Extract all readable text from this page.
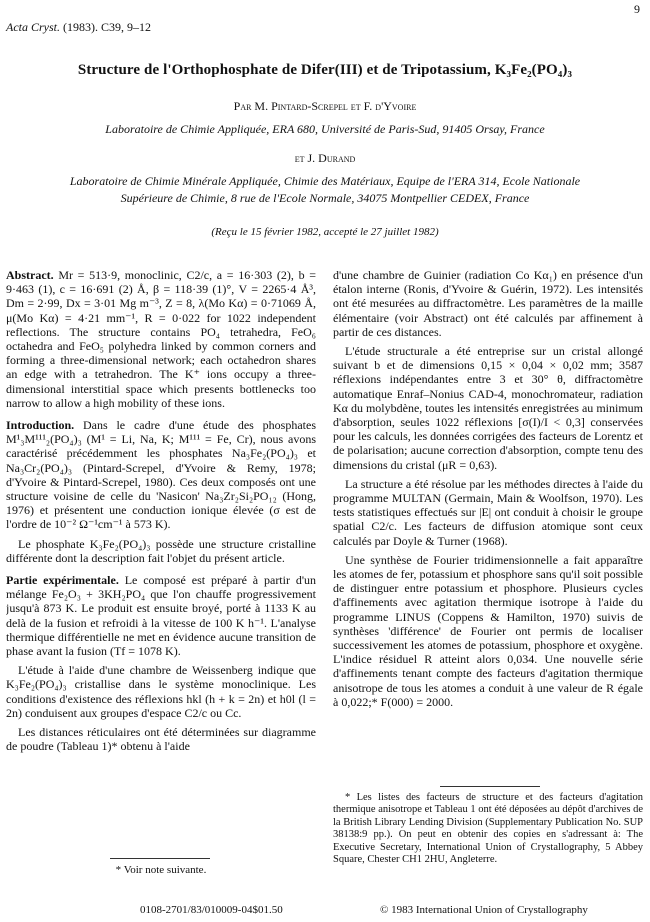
9
Acta Cryst. (1983). C39, 9–12
Structure de l'Orthophosphate de Difer(III) et de Tripotassium, K₃Fe₂(PO₄)₃
Par M. Pintard-Screpel et F. d'Yvoire
Laboratoire de Chimie Appliquée, ERA 680, Université de Paris-Sud, 91405 Orsay, France
et J. Durand
Laboratoire de Chimie Minérale Appliquée, Chimie des Matériaux, Equipe de l'ERA 314, Ecole Nationale
Supérieure de Chimie, 8 rue de l'Ecole Normale, 34075 Montpellier CEDEX, France
(Reçu le 15 février 1982, accepté le 27 juillet 1982)

Abstract. Mr = 513·9, monoclinic, C2/c, a = 16·303 (2), b = 9·463 (1), c = 16·691 (2) Å, β = 118·39 (1)°, V = 2265·4 Å³, Dm = 2·99, Dx = 3·01 Mg m⁻³, Z = 8, λ(Mo Kα) = 0·71069 Å, μ(Mo Kα) = 4·21 mm⁻¹, R = 0·022 for 1022 independent reflections. The structure contains PO₄ tetrahedra, FeO₆ octahedra and FeO₅ polyhedra linked by common corners and forming a three-dimensional network; each octahedron shares an edge with a tetrahedron. The K⁺ ions occupy a three-dimensional interstitial space which presents bottlenecks too narrow to allow a high mobility of these ions.

Introduction. Dans le cadre d'une étude des phosphates M¹₃M¹¹¹₂(PO₄)₃ (M¹ = Li, Na, K; M¹¹¹ = Fe, Cr), nous avons caractérisé précédemment les phosphates Na₃Fe₂(PO₄)₃ et Na₃Cr₂(PO₄)₃ (Pintard-Screpel, d'Yvoire & Remy, 1978; d'Yvoire & Pintard-Screpel, 1980). Ces deux composés ont une structure voisine de celle du 'Nasicon' Na₃Zr₂Si₂PO₁₂ (Hong, 1976) et présentent une conduction ionique élevée (σ est de l'ordre de 10⁻² Ω⁻¹cm⁻¹ à 573 K).

Le phosphate K₃Fe₂(PO₄)₃ possède une structure cristalline différente dont la description fait l'objet du présent article.

Partie expérimentale. Le composé est préparé à partir d'un mélange Fe₂O₃ + 3KH₂PO₄ que l'on chauffe progressivement jusqu'à 873 K. Le produit est ensuite broyé, porté à 1133 K au delà de la fusion et refroidi à la vitesse de 100 K h⁻¹. L'analyse thermique différentielle ne met en évidence aucune transition de phase avant la fusion (Tf = 1078 K).

L'étude à l'aide d'une chambre de Weissenberg indique que K₃Fe₂(PO₄)₃ cristallise dans le système monoclinique. Les conditions d'existence des réflexions hkl (h + k = 2n) et h0l (l = 2n) conduisent aux groupes d'espace C2/c ou Cc.

Les distances réticulaires ont été déterminées sur diagramme de poudre (Tableau 1)* obtenu à l'aide

* Voir note suivante.

d'une chambre de Guinier (radiation Co Kα₁) en présence d'un étalon interne (Ronis, d'Yvoire & Guérin, 1972). Les intensités ont été mesurées au diffractomètre. Les paramètres de la maille élémentaire (voir Abstract) ont été calculés par affinement à partir de ces distances.

L'étude structurale a été entreprise sur un cristal allongé suivant b et de dimensions 0,15 × 0,04 × 0,02 mm; 3587 réflexions indépendantes entre 3 et 30° θ, diffractomètre automatique Enraf–Nonius CAD-4, monochromateur, radiation Kα du molybdène, toutes les intensités enregistrées au minimum d'absorption, seules 1022 réflexions [σ(I)/I < 0,3] conservées pour les calculs, les données corrigées des facteurs de Lorentz et de polarisation; aucune correction d'absorption, compte tenu des dimensions du cristal (μR = 0,63).

La structure a été résolue par les méthodes directes à l'aide du programme MULTAN (Germain, Main & Woolfson, 1970). Les tests statistiques effectués sur |E| ont conduit à choisir le groupe spatial C2/c. Les facteurs de diffusion atomique sont ceux calculés par Doyle & Turner (1968).

Une synthèse de Fourier tridimensionnelle a fait apparaître les atomes de fer, potassium et phosphore sans qu'il soit possible de distinguer entre potassium et phosphore. Plusieurs cycles d'affinements avec agitation thermique isotrope à l'aide du programme LINUS (Coppens & Hamilton, 1970) suivis de synthèses 'différence' de Fourier ont permis de localiser successivement les atomes de potassium, phosphore et oxygène. L'indice résiduel R atteint alors 0,034. Une nouvelle série d'affinements tenant compte des facteurs d'agitation thermique anisotrope de tous les atomes a conduit à une valeur de R égale à 0,022;* F(000) = 2000.

* Les listes des facteurs de structure et des facteurs d'agitation thermique anisotrope et Tableau 1 ont été déposées au dépôt d'archives de la British Library Lending Division (Supplementary Publication No. SUP 38138:9 pp.). On peut en obtenir des copies en s'adressant à: The Executive Secretary, International Union of Crystallography, 5 Abbey Square, Chester CH1 2HU, Angleterre.
0108-2701/83/010009-04$01.50	© 1983 International Union of Crystallography
